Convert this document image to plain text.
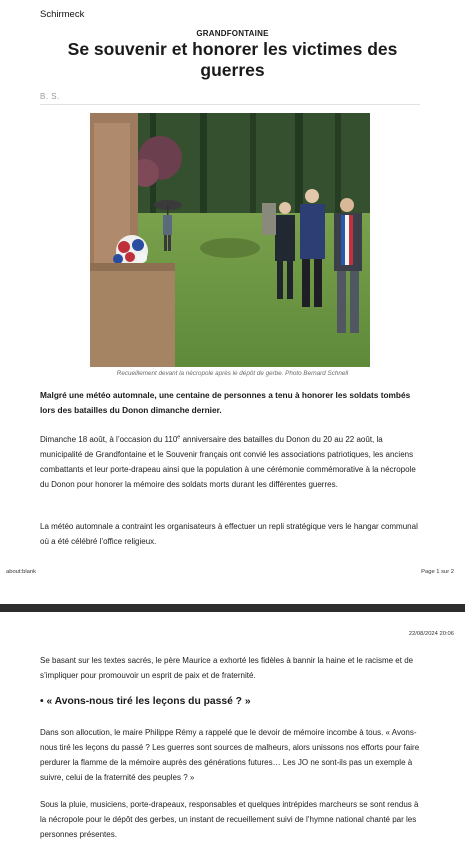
Schirmeck
GRANDFONTAINE
Se souvenir et honorer les victimes des guerres
B. S.
Recueillement devant la nécropole après le dépôt de gerbe. Photo Bernard Schnell

Malgré une météo automnale, une centaine de personnes a tenu à honorer les soldats tombés lors des batailles du Donon dimanche dernier.

Dimanche 18 août, à l’occasion du 110e anniversaire des batailles du Donon du 20 au 22 août, la municipalité de Grandfontaine et le Souvenir français ont convié les associations patriotiques, les anciens combattants et leur porte-drapeau ainsi que la population à une cérémonie commémorative à la nécropole du Donon pour honorer la mémoire des soldats morts durant les différentes guerres.

La météo automnale a contraint les organisateurs à effectuer un repli stratégique vers le hangar communal où a été célébré l’office religieux.

about:blank	Page 1 sur 2
22/08/2024 20:06

Se basant sur les textes sacrés, le père Maurice a exhorté les fidèles à bannir la haine et le racisme et de s’impliquer pour promouvoir un esprit de paix et de fraternité.

• « Avons-nous tiré les leçons du passé ? »

Dans son allocution, le maire Philippe Rémy a rappelé que le devoir de mémoire incombe à tous. « Avons-nous tiré les leçons du passé ? Les guerres sont sources de malheurs, alors unissons nos efforts pour faire perdurer la flamme de la mémoire auprès des générations futures… Les JO ne sont-ils pas un exemple à suivre, celui de la fraternité des peuples ? »

Sous la pluie, musiciens, porte-drapeaux, responsables et quelques intrépides marcheurs se sont rendus à la nécropole pour le dépôt des gerbes, un instant de recueillement suivi de l’hymne national chanté par les personnes présentes.
